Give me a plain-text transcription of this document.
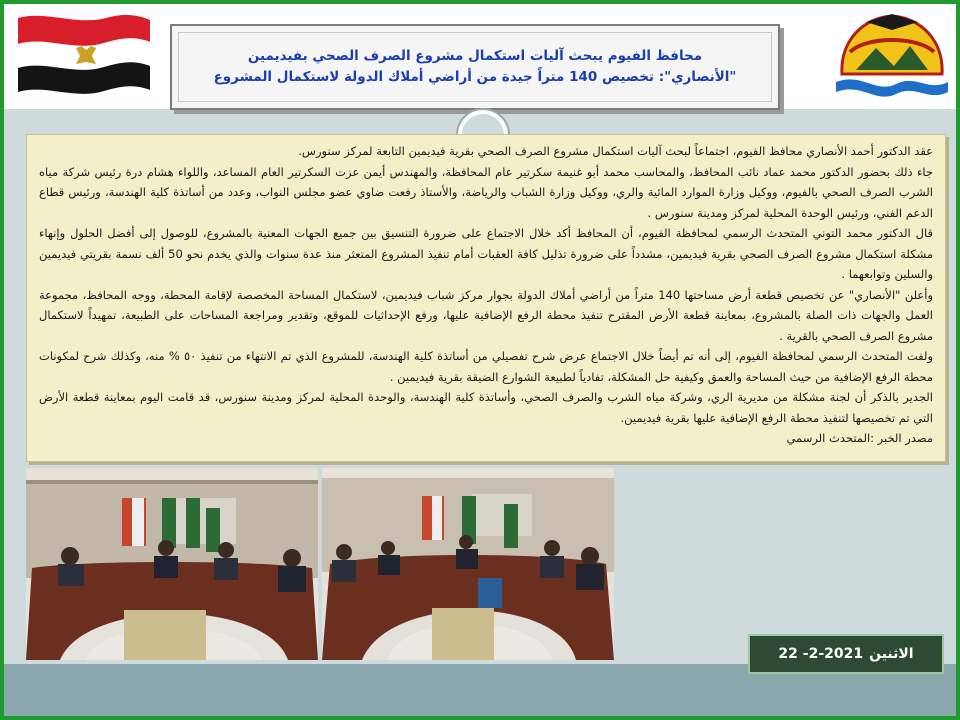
محافظ الفيوم يبحث آليات استكمال مشروع الصرف الصحي بفيديمين
"الأنصاري": تخصيص 140 متراً جيدة من أراضي أملاك الدولة لاستكمال المشروع

عقد الدكتور أحمد الأنصاري محافظ الفيوم، اجتماعاً لبحث آليات استكمال مشروع الصرف الصحي بقرية فيديمين التابعة لمركز سنورس.

جاء ذلك بحضور الدكتور محمد عماد نائب المحافظ، والمحاسب محمد أبو غنيمة سكرتير عام المحافظة، والمهندس أيمن عزت السكرتير العام المساعد، واللواء هشام درة رئيس شركة مياه الشرب الصرف الصحي بالفيوم، ووكيل وزارة الموارد المائية والري، ووكيل وزارة الشباب والرياضة، والأستاذ رفعت ضاوي عضو مجلس النواب، وعدد من أساتذة كلية الهندسة، ورئيس قطاع الدعم الفني، ورئيس الوحدة المحلية لمركز ومدينة سنورس .

قال الدكتور محمد التوني المتحدث الرسمي لمحافظة الفيوم، أن المحافظ أكد خلال الاجتماع على ضرورة التنسيق بين جميع الجهات المعنية بالمشروع، للوصول إلى أفضل الحلول وإنهاء مشكلة استكمال مشروع الصرف الصحي بقرية فيديمين، مشدداً على ضرورة تذليل كافة العقبات أمام تنفيذ المشروع المتعثر منذ عدة سنوات والذي يخدم نحو 50 ألف نسمة بقريتي فيديمين والسلين وتوابعهما .

وأعلن "الأنصاري" عن تخصيص قطعة أرض مساحتها 140 متراً من أراضي أملاك الدولة بجوار مركز شباب فيديمين، لاستكمال المساحة المخصصة لإقامة المحطة، ووجه المحافظ، مجموعة العمل والجهات ذات الصلة بالمشروع، بمعاينة قطعة الأرض المقترح تنفيذ محطة الرفع الإضافية عليها، ورفع الإحداثيات للموقع، وتقدير ومراجعة المساحات على الطبيعة، تمهيداً لاستكمال مشروع الصرف الصحي بالقرية .

ولفت المتحدث الرسمي لمحافظة الفيوم، إلى أنه تم أيضاً خلال الاجتماع عرض شرح تفصيلي من أساتذة كلية الهندسة، للمشروع الذي تم الانتهاء من تنفيذ ٥٠ % منه، وكذلك شرح لمكونات محطة الرفع الإضافية من حيث المساحة والعمق وكيفية حل المشكلة، تفادياً لطبيعة الشوارع الضيقة بقرية فيديمين .

الجدير بالذكر أن لجنة مشكلة من مديرية الري، وشركة مياه الشرب والصرف الصحي، وأساتذة كلية الهندسة، والوحدة المحلية لمركز ومدينة سنورس، قد قامت اليوم بمعاينة قطعة الأرض التي تم تخصيصها لتنفيذ محطة الرفع الإضافية عليها بقرية فيديمين.

مصدر الخبر :المتحدث الرسمي

الاثنين
22 -2-2021
